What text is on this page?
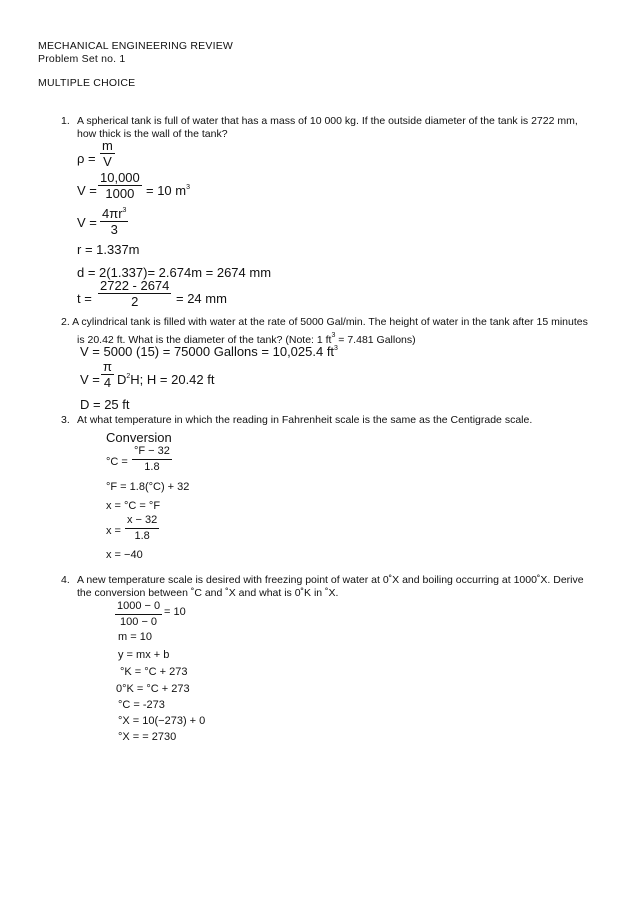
MECHANICAL ENGINEERING REVIEW
Problem Set no. 1
MULTIPLE CHOICE
1. A spherical tank is full of water that has a mass of 10 000 kg. If the outside diameter of the tank is 2722 mm,
how thick is the wall of the tank?
$\rho = \frac{m}{V}$
$V = \frac{10,000}{1000} = 10$ $m^3$
$V = \frac{4\pi r^3}{3}$
r = 1.337m
d = 2(1.337)= 2.674m = 2674 mm
$t = \frac{2722 - 2674}{2} = 24$ mm
2. A cylindrical tank is filled with water at the rate of 5000 Gal/min. The height of water in the tank after 15 minutes
is 20.42 ft. What is the diameter of the tank? (Note: 1 $ft^3 = 7.481$ Gallons)
V = 5000 (15) = 75000 Gallons = 10,025.4 $ft^3$
$V = \frac{\pi}{4} D^2H$; H = 20.42 ft
D = 25 ft
3. At what temperature in which the reading in Fahrenheit scale is the same as the Centigrade scale.
Conversion
$^\circ C = \frac{^\circ F - 32}{1.8}$
°F = 1.8(°C) + 32
x = °C = °F
$x = \frac{x - 32}{1.8}$
x = −40
4. A new temperature scale is desired with freezing point of water at 0˚X and boiling occurring at 1000˚X. Derive
the conversion between ˚C and ˚X and what is 0˚K in ˚X.
$\frac{1000 - 0}{100 - 0} = 10$
m = 10
y = mx + b
°K = °C + 273
0°K = °C + 273
°C = -273
°X = 10(−273) + 0
°X = = 2730
